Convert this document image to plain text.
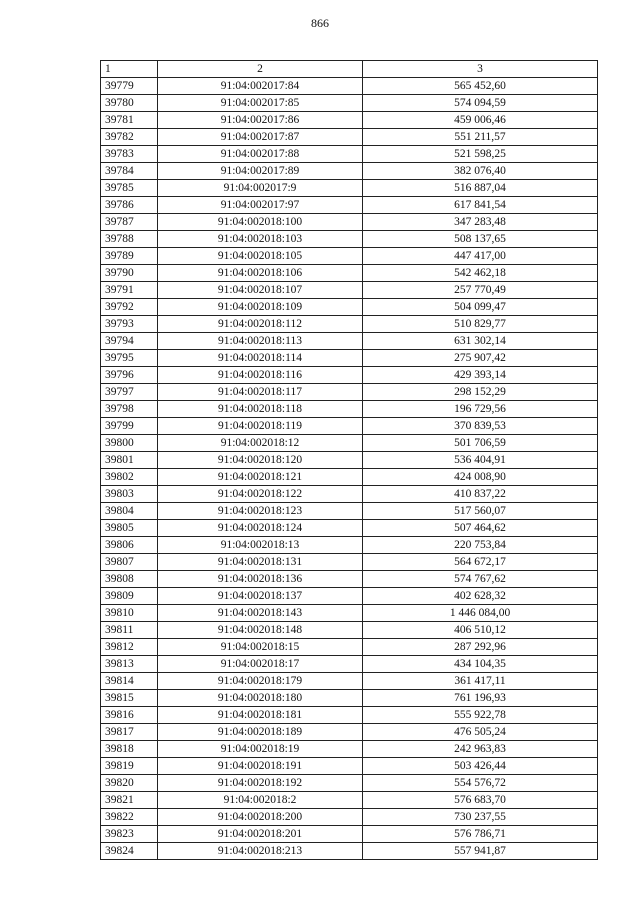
866
1	2	3
39779	91:04:002017:84	565 452,60
39780	91:04:002017:85	574 094,59
39781	91:04:002017:86	459 006,46
39782	91:04:002017:87	551 211,57
39783	91:04:002017:88	521 598,25
39784	91:04:002017:89	382 076,40
39785	91:04:002017:9	516 887,04
39786	91:04:002017:97	617 841,54
39787	91:04:002018:100	347 283,48
39788	91:04:002018:103	508 137,65
39789	91:04:002018:105	447 417,00
39790	91:04:002018:106	542 462,18
39791	91:04:002018:107	257 770,49
39792	91:04:002018:109	504 099,47
39793	91:04:002018:112	510 829,77
39794	91:04:002018:113	631 302,14
39795	91:04:002018:114	275 907,42
39796	91:04:002018:116	429 393,14
39797	91:04:002018:117	298 152,29
39798	91:04:002018:118	196 729,56
39799	91:04:002018:119	370 839,53
39800	91:04:002018:12	501 706,59
39801	91:04:002018:120	536 404,91
39802	91:04:002018:121	424 008,90
39803	91:04:002018:122	410 837,22
39804	91:04:002018:123	517 560,07
39805	91:04:002018:124	507 464,62
39806	91:04:002018:13	220 753,84
39807	91:04:002018:131	564 672,17
39808	91:04:002018:136	574 767,62
39809	91:04:002018:137	402 628,32
39810	91:04:002018:143	1 446 084,00
39811	91:04:002018:148	406 510,12
39812	91:04:002018:15	287 292,96
39813	91:04:002018:17	434 104,35
39814	91:04:002018:179	361 417,11
39815	91:04:002018:180	761 196,93
39816	91:04:002018:181	555 922,78
39817	91:04:002018:189	476 505,24
39818	91:04:002018:19	242 963,83
39819	91:04:002018:191	503 426,44
39820	91:04:002018:192	554 576,72
39821	91:04:002018:2	576 683,70
39822	91:04:002018:200	730 237,55
39823	91:04:002018:201	576 786,71
39824	91:04:002018:213	557 941,87
